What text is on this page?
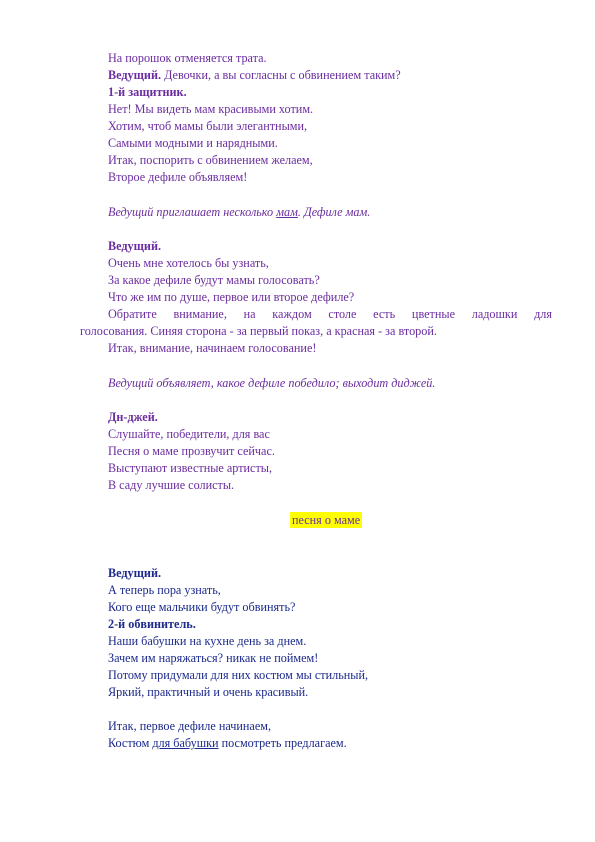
На порошок отменяется трата.
Ведущий. Девочки, а вы согласны с обвинением таким?
1-й защитник.
Нет! Мы видеть мам красивыми хотим.
Хотим, чтоб мамы были элегантными,
Самыми модными и нарядными.
Итак, поспорить с обвинением желаем,
Второе дефиле объявляем!
Ведущий приглашает несколько мам. Дефиле мам.
Ведущий.
Очень мне хотелось бы узнать,
За какое дефиле будут мамы голосовать?
Что же им по душе, первое или второе дефиле?
Обратите внимание, на каждом столе есть цветные ладошки для
голосования. Синяя сторона - за первый показ, а красная - за второй.
Итак, внимание, начинаем голосование!
Ведущий объявляет, какое дефиле победило; выходит диджей.
Дн-джей.
Слушайте, победители, для вас
Песня о маме прозвучит сейчас.
Выступают известные артисты,
В саду лучшие солисты.
песня о маме
Ведущий.
А теперь пора узнать,
Кого еще мальчики будут обвинять?
2-й обвинитель.
Наши бабушки на кухне день за днем.
Зачем им наряжаться? никак не поймем!
Потому придумали для них костюм мы стильный,
Яркий, практичный и очень красивый.
Итак, первое дефиле начинаем,
Костюм для бабушки посмотреть предлагаем.
